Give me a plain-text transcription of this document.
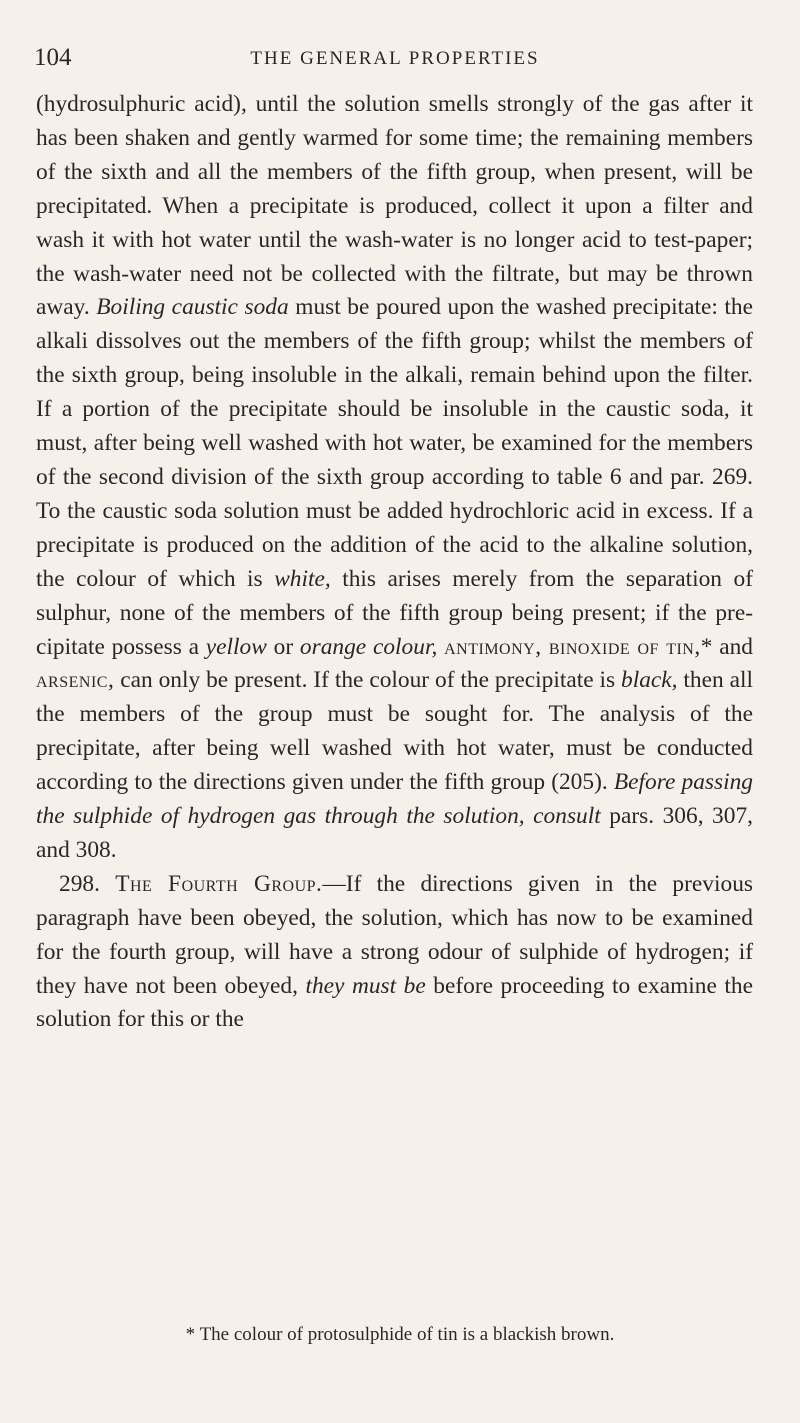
104	THE GENERAL PROPERTIES

(hydrosulphuric acid), until the solution smells strongly of the gas after it has been shaken and gently warmed for some time; the remaining members of the sixth and all the members of the fifth group, when present, will be precipitated. When a precipitate is produced, collect it upon a filter and wash it with hot water until the wash-water is no longer acid to test-paper; the wash-water need not be collected with the filtrate, but may be thrown away. Boiling caustic soda must be poured upon the washed precipitate: the alkali dissolves out the members of the fifth group; whilst the members of the sixth group, being insoluble in the alkali, remain behind upon the filter. If a portion of the precipitate should be insoluble in the caustic soda, it must, after being well washed with hot water, be examined for the members of the second division of the sixth group according to table 6 and par. 269. To the caustic soda solution must be added hydrochloric acid in excess. If a precipitate is produced on the addition of the acid to the alkaline solution, the colour of which is white, this arises merely from the separation of sulphur, none of the members of the fifth group being present; if the pre-cipitate possess a yellow or orange colour, antimony, binoxide of tin,* and arsenic, can only be present. If the colour of the precipitate is black, then all the members of the group must be sought for. The analysis of the precipitate, after being well washed with hot water, must be conducted according to the directions given under the fifth group (205). Before passing the sulphide of hydrogen gas through the solution, consult pars. 306, 307, and 308.

298. The Fourth Group.—If the directions given in the previous paragraph have been obeyed, the solution, which has now to be examined for the fourth group, will have a strong odour of sulphide of hydrogen; if they have not been obeyed, they must be before proceeding to examine the solution for this or the

* The colour of protosulphide of tin is a blackish brown.
